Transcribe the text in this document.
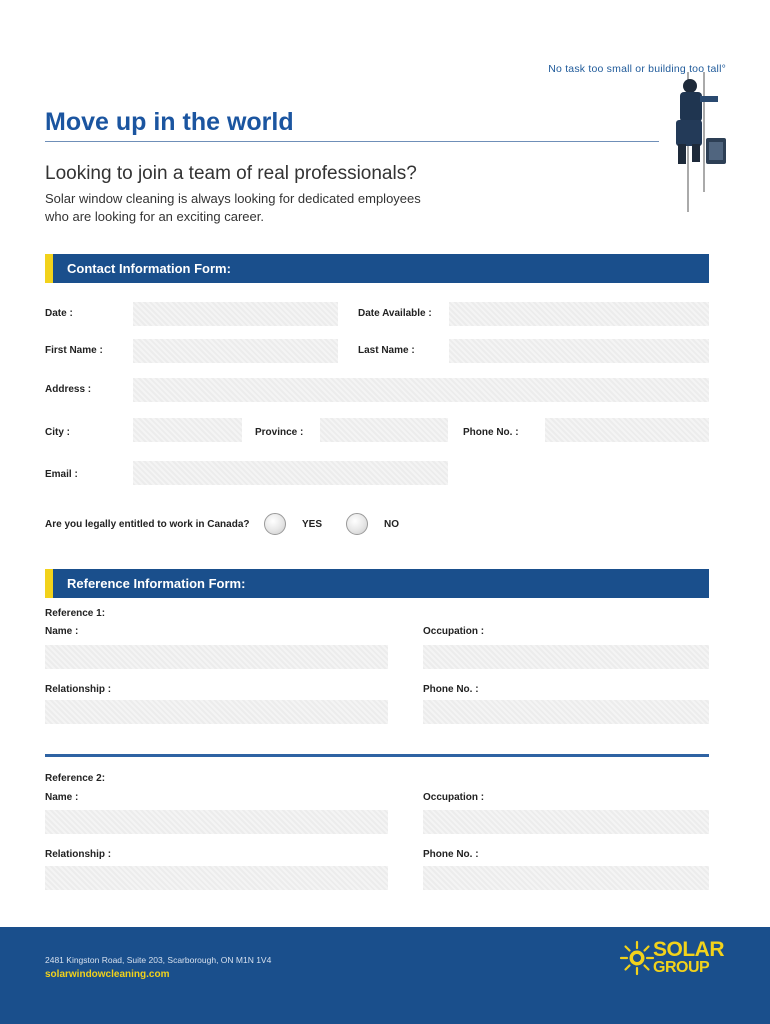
No task too small or building too tall°
Move up in the world
Looking to join a team of real professionals?
Solar window cleaning is always looking for dedicated employees who are looking for an exciting career.
Contact Information Form:
Date :	Date Available :
First Name :	Last Name :
Address :
City :	Province :	Phone No. :
Email :
Are you legally entitled to work in Canada?	YES	NO
Reference Information Form:
Reference 1:
Name :	Occupation :
Relationship :	Phone No. :
Reference 2:
Name :	Occupation :
Relationship :	Phone No. :
2481 Kingston Road, Suite 203, Scarborough, ON M1N 1V4
solarwindowcleaning.com
SOLAR
GROUP
